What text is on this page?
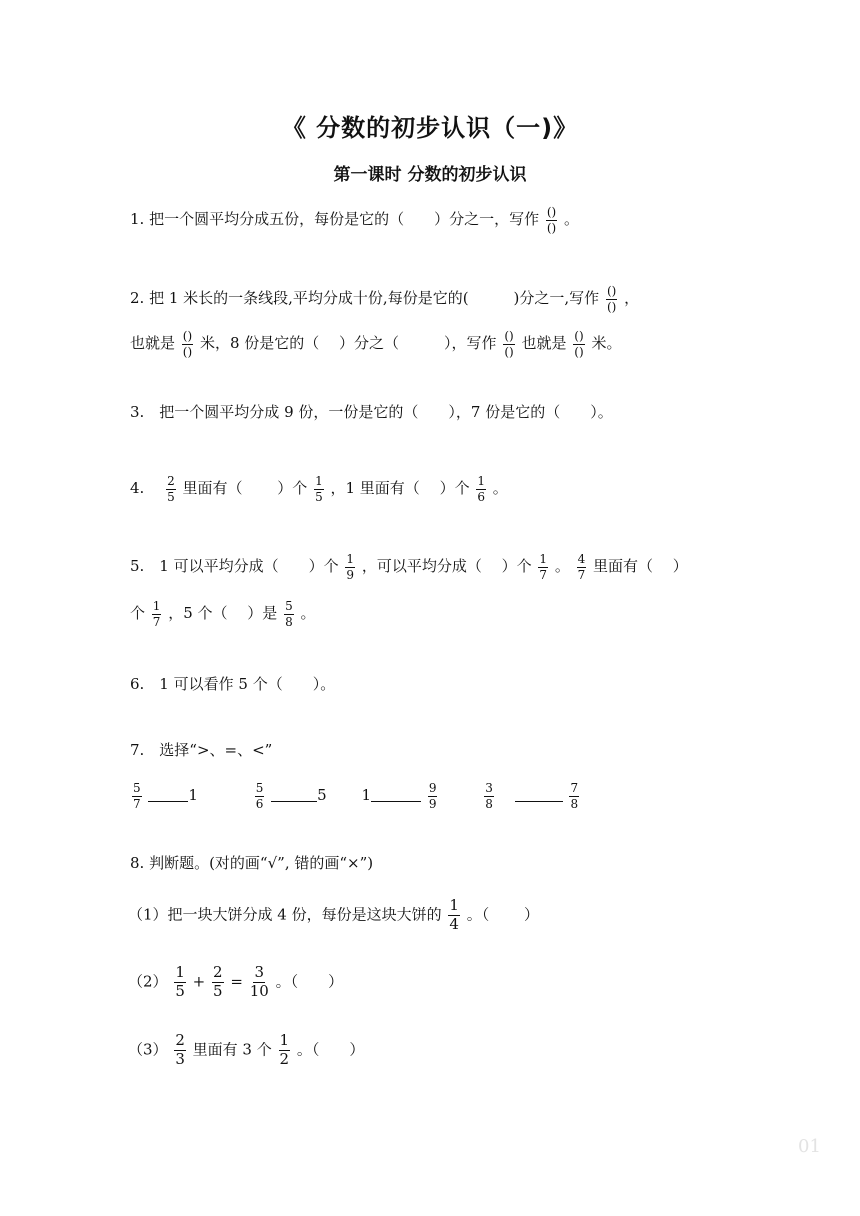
《 分数的初步认识（一)》
第一课时 分数的初步认识
1. 把一个圆平均分成五份，每份是它的（　　）分之一，写作 $\frac{()}{()}$ 。
2. 把 1 米长的一条线段,平均分成十份,每份是它的(　　　)分之一,写作 $\frac{()}{()}$ ，
也就是 $\frac{()}{()}$ 米，8 份是它的（　 ）分之（　　　），写作 $\frac{()}{()}$ 也就是 $\frac{()}{()}$ 米。
3.　把一个圆平均分成 9 份，一份是它的（　　），7 份是它的（　　）。
4.　 $\frac{2}{5}$ 里面有（　　 ）个 $\frac{1}{5}$ ，1 里面有（　 ）个 $\frac{1}{6}$ 。
5.　1 可以平均分成（　　）个 $\frac{1}{9}$ ，可以平均分成（　 ）个 $\frac{1}{7}$ 。 $\frac{4}{7}$ 里面有（　 ）
个 $\frac{1}{7}$ ，5 个（　 ）是 $\frac{5}{8}$ 。
6.　1 可以看作 5 个（　　）。
7.　选择“>、=、<”
$\frac{5}{7}$	1	$\frac{5}{6}$	5 1	$\frac{9}{9}$
	$\frac{3}{8}$
	$\frac{7}{8}$
8. 判断题。(对的画“√”, 错的画“×”)
（1）把一块大饼分成 4 份，每份是这块大饼的 $\frac{1}{4}$ 。（　　 ）
$(2) \frac{1}{5} + \frac{2}{5} = \frac{3}{10}$ 。（　　）
$(3) \frac{2}{3}$ 里面有 3 个 $\frac{1}{2}$ 。（　　）
01
